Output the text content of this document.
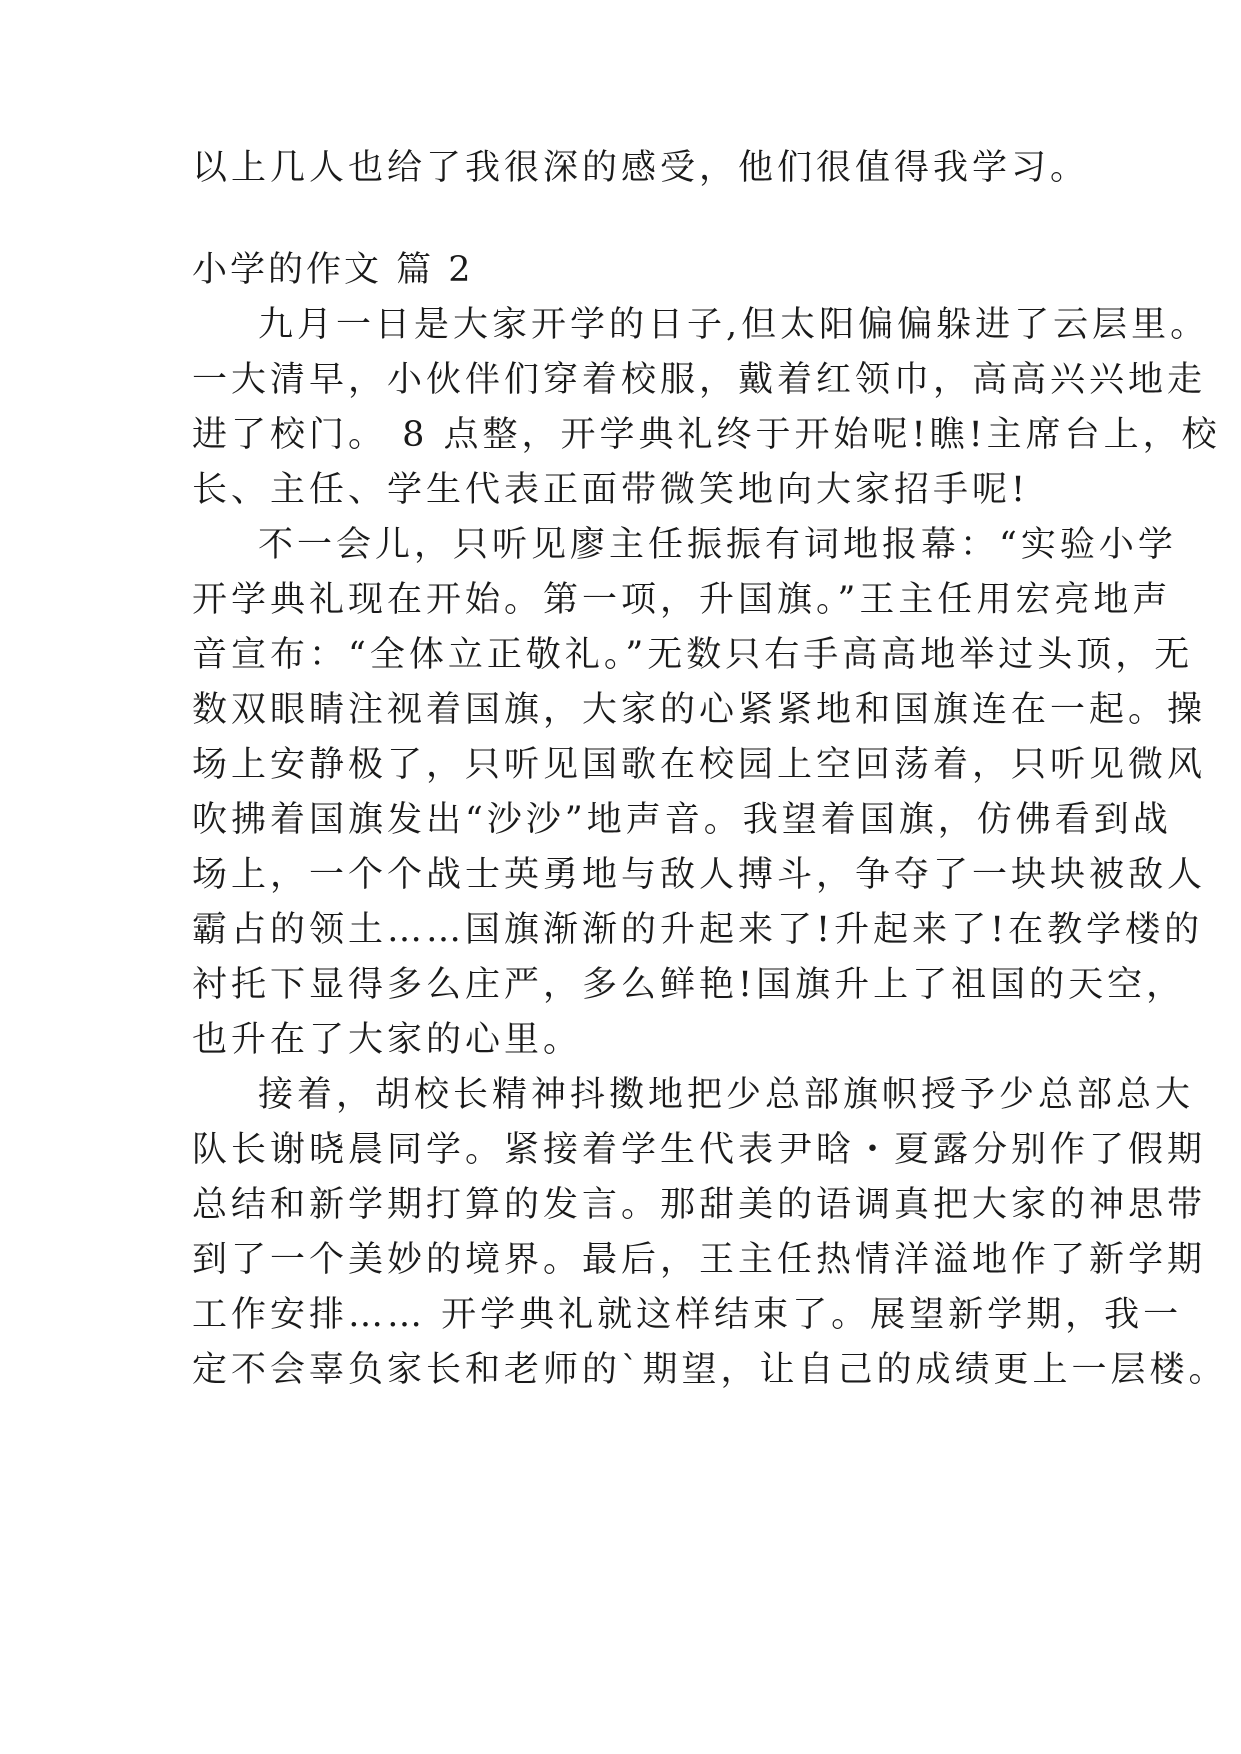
以上几人也给了我很深的感受，他们很值得我学习。
小学的作文 篇 2
九月一日是大家开学的日子,但太阳偏偏躲进了云层里。
一大清早，小伙伴们穿着校服，戴着红领巾，高高兴兴地走
进了校门。 8 点整，开学典礼终于开始呢!瞧!主席台上，校
长、主任、学生代表正面带微笑地向大家招手呢!
不一会儿，只听见廖主任振振有词地报幕：“实验小学
开学典礼现在开始。第一项，升国旗。”王主任用宏亮地声
音宣布：“全体立正敬礼。”无数只右手高高地举过头顶，无
数双眼睛注视着国旗，大家的心紧紧地和国旗连在一起。操
场上安静极了，只听见国歌在校园上空回荡着，只听见微风
吹拂着国旗发出“沙沙”地声音。我望着国旗，仿佛看到战
场上，一个个战士英勇地与敌人搏斗，争夺了一块块被敌人
霸占的领土……国旗渐渐的升起来了!升起来了!在教学楼的
衬托下显得多么庄严，多么鲜艳!国旗升上了祖国的天空，
也升在了大家的心里。
接着，胡校长精神抖擞地把少总部旗帜授予少总部总大
队长谢晓晨同学。紧接着学生代表尹晗・夏露分别作了假期
总结和新学期打算的发言。那甜美的语调真把大家的神思带
到了一个美妙的境界。最后，王主任热情洋溢地作了新学期
工作安排…… 开学典礼就这样结束了。展望新学期，我一
定不会辜负家长和老师的`期望，让自己的成绩更上一层楼。
